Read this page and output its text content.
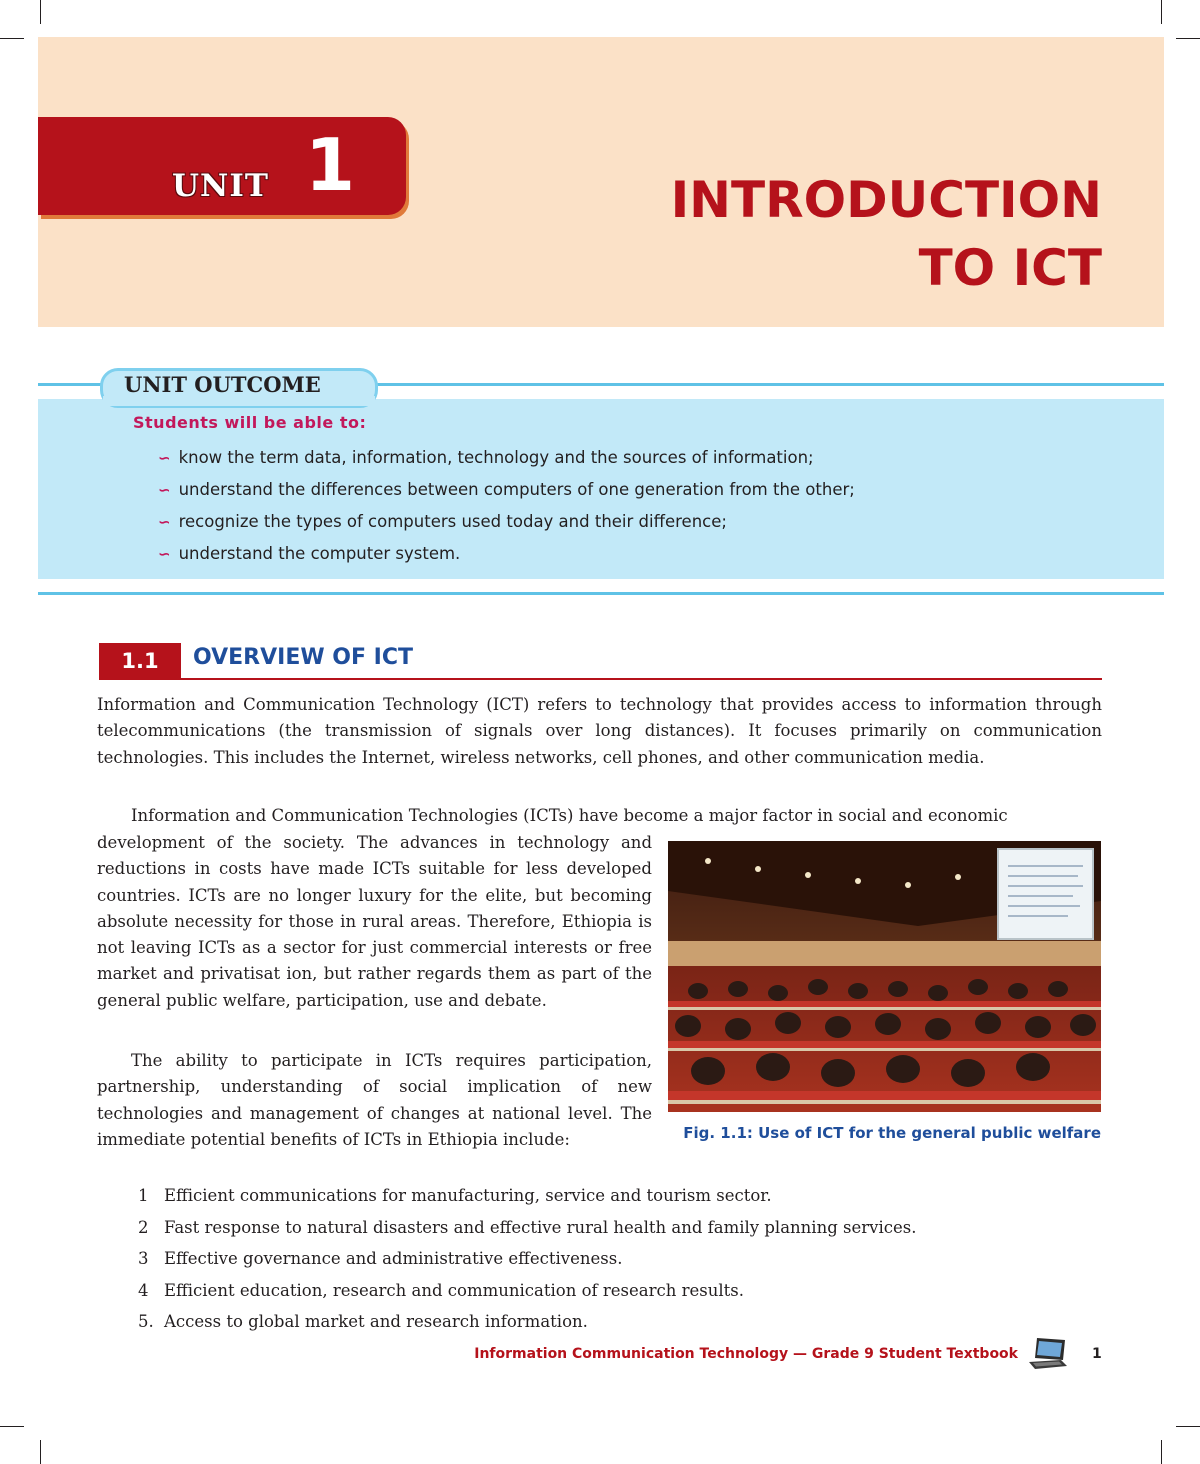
UNIT 1	INTRODUCTION
TO ICT
UNIT OUTCOME
Students will be able to:
∽ know the term data, information, technology and the sources of information;
∽ understand the differences between computers of one generation from the other;
∽ recognize the types of computers used today and their difference;
∽ understand the computer system.
1.1	OVERVIEW OF ICT

Information and Communication Technology (ICT) refers to technology that provides access to information through telecommunications (the transmission of signals over long distances). It focuses primarily on communication technologies. This includes the Internet, wireless networks, cell phones, and other communication media.

Information and Communication Technologies (ICTs) have become a major factor in social and economic

development of the society. The advances in technology and reductions in costs have made ICTs suitable for less developed countries. ICTs are no longer luxury for the elite, but becoming absolute necessity for those in rural areas. Therefore, Ethiopia is not leaving ICTs as a sector for just commercial interests or free market and privatisat ion, but rather regards them as part of the general public welfare, participation, use and debate.

The ability to participate in ICTs requires participation, partnership, understanding of social implication of new technologies and management of changes at national level. The immediate potential benefits of ICTs in Ethiopia include:	Fig. 1.1: Use of ICT for the general public welfare
1 Efficient communications for manufacturing, service and tourism sector.
2 Fast response to natural disasters and effective rural health and family planning services.
3 Effective governance and administrative effectiveness.
4 Efficient education, research and communication of research results.
5. Access to global market and research information.
Information Communication Technology — Grade 9 Student Textbook	1
